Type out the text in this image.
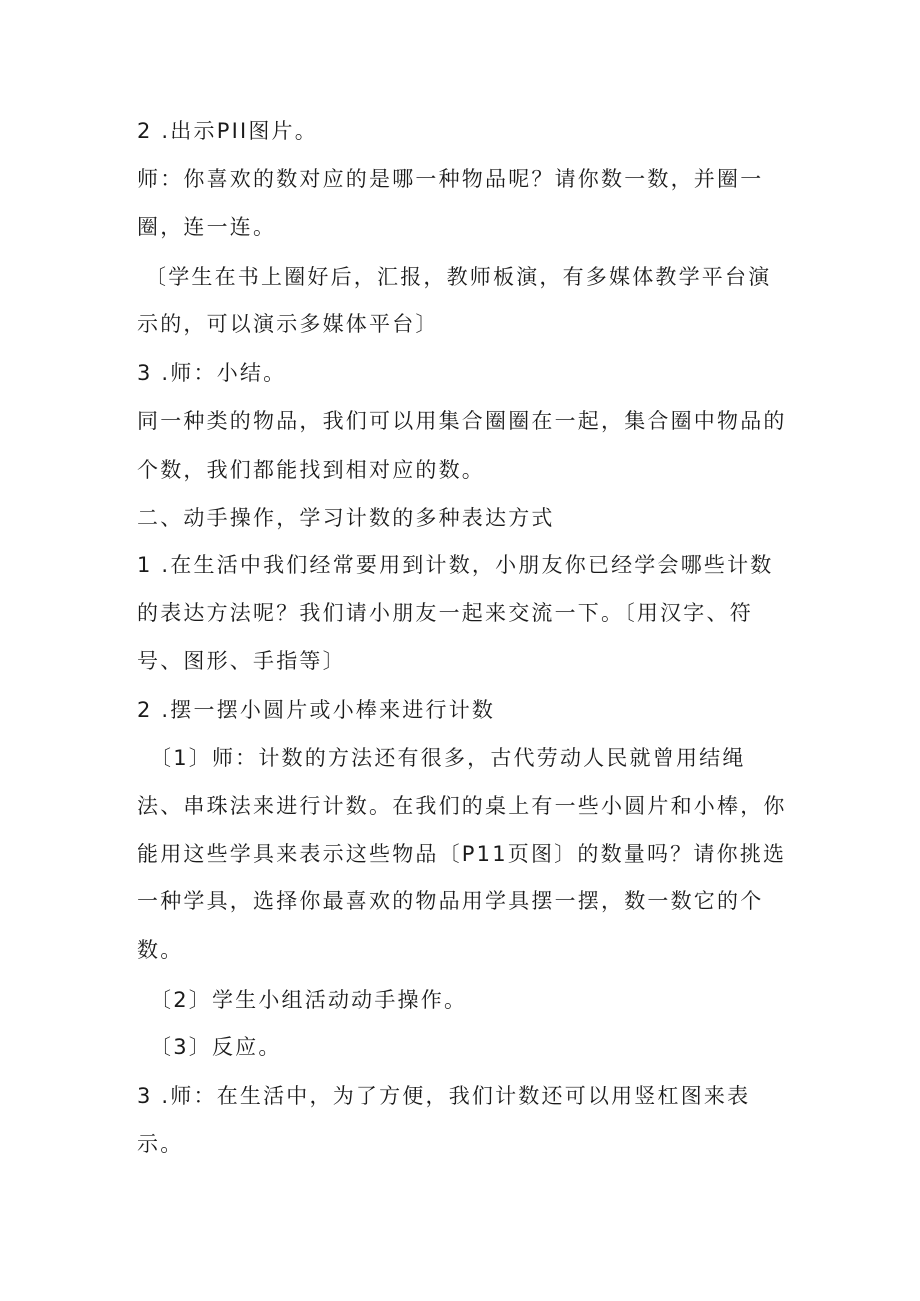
2 .出示PII图片。
师：你喜欢的数对应的是哪一种物品呢？请你数一数，并圈一
圈，连一连。
〔学生在书上圈好后，汇报，教师板演，有多媒体教学平台演
示的，可以演示多媒体平台〕
3 .师：小结。
同一种类的物品，我们可以用集合圈圈在一起，集合圈中物品的
个数，我们都能找到相对应的数。
二、动手操作，学习计数的多种表达方式
1 .在生活中我们经常要用到计数，小朋友你已经学会哪些计数
的表达方法呢？我们请小朋友一起来交流一下。〔用汉字、符
号、图形、手指等〕
2 .摆一摆小圆片或小棒来进行计数
〔1〕师：计数的方法还有很多，古代劳动人民就曾用结绳
法、串珠法来进行计数。在我们的桌上有一些小圆片和小棒，你
能用这些学具来表示这些物品〔P11页图〕的数量吗？请你挑选
一种学具，选择你最喜欢的物品用学具摆一摆，数一数它的个
数。
〔2〕学生小组活动动手操作。
〔3〕反应。
3 .师：在生活中，为了方便，我们计数还可以用竖杠图来表
示。
